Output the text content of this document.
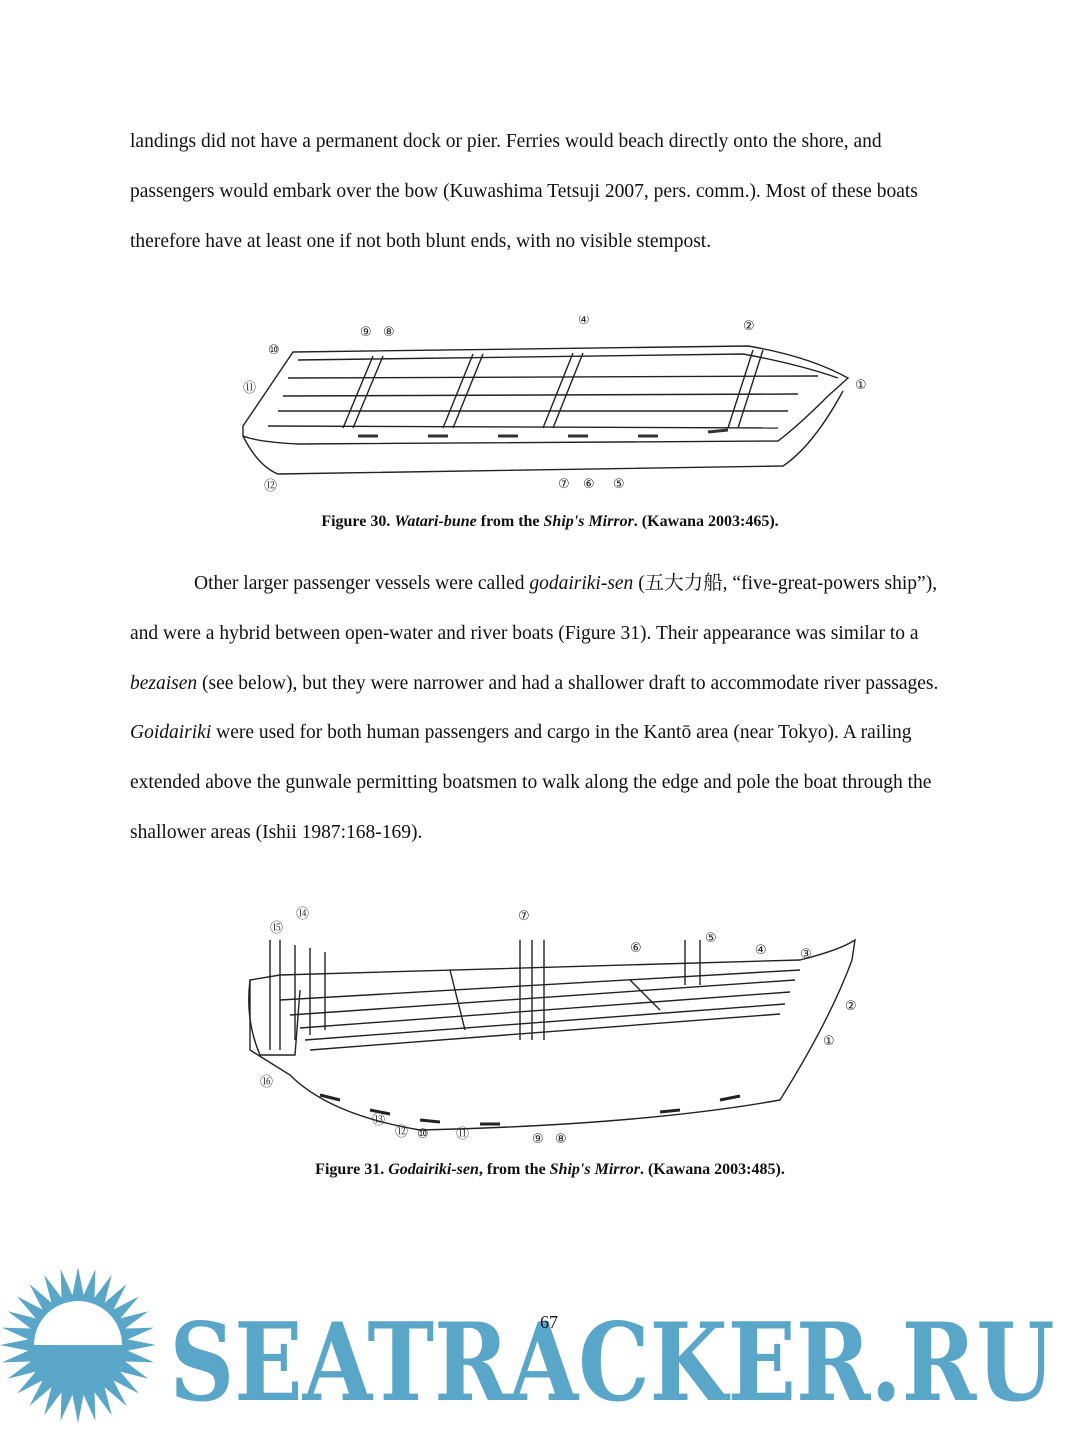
landings did not have a permanent dock or pier. Ferries would beach directly onto the shore, and passengers would embark over the bow (Kuwashima Tetsuji 2007, pers. comm.). Most of these boats therefore have at least one if not both blunt ends, with no visible stempost.

①
②
④
⑤
⑥
⑦
⑧
⑨
⑩
⑪
⑫
Figure 30. Watari-bune from the Ship's Mirror. (Kawana 2003:465).

Other larger passenger vessels were called godairiki-sen (五大力船, “five-great-powers ship”), and were a hybrid between open-water and river boats (Figure 31). Their appearance was similar to a bezaisen (see below), but they were narrower and had a shallower draft to accommodate river passages. Goidairiki were used for both human passengers and cargo in the Kantō area (near Tokyo). A railing extended above the gunwale permitting boatsmen to walk along the edge and pole the boat through the shallower areas (Ishii 1987:168-169).

①
②
③
④
⑤
⑥
⑦
⑧
⑨
⑩ ⑪
⑫
⑬
⑭
⑮
⑯
Figure 31. Godairiki-sen, from the Ship's Mirror. (Kawana 2003:485).
SEATRACKER.RU
67
